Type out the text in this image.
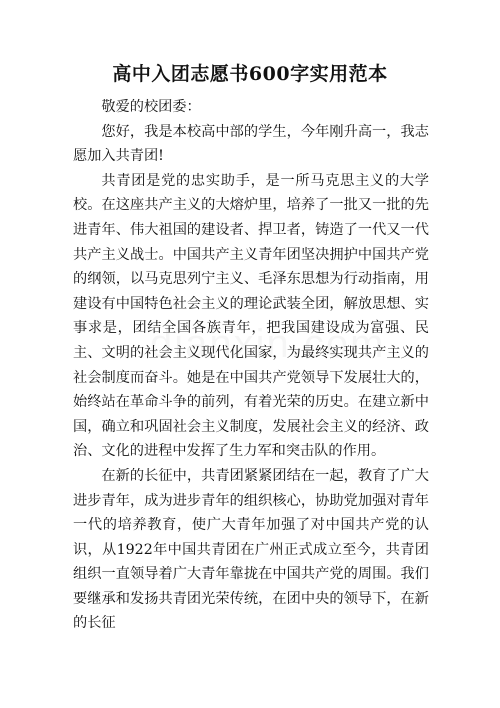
高中入团志愿书600字实用范本

敬爱的校团委：

您好，我是本校高中部的学生，今年刚升高一，我志愿加入共青团!

共青团是党的忠实助手，是一所马克思主义的大学校。在这座共产主义的大熔炉里，培养了一批又一批的先进青年、伟大祖国的建设者、捍卫者，铸造了一代又一代共产主义战士。中国共产主义青年团坚决拥护中国共产党的纲领，以马克思列宁主义、毛泽东思想为行动指南，用建设有中国特色社会主义的理论武装全团，解放思想、实事求是，团结全国各族青年，把我国建设成为富强、民主、文明的社会主义现代化国家，为最终实现共产主义的社会制度而奋斗。她是在中国共产党领导下发展壮大的，始终站在革命斗争的前列，有着光荣的历史。在建立新中国，确立和巩固社会主义制度，发展社会主义的经济、政治、文化的进程中发挥了生力军和突击队的作用。

在新的长征中，共青团紧紧团结在一起，教育了广大进步青年，成为进步青年的组织核心，协助党加强对青年一代的培养教育，使广大青年加强了对中国共产党的认识，从1922年中国共青团在广州正式成立至今，共青团组织一直领导着广大青年靠拢在中国共产党的周围。我们要继承和发扬共青团光荣传统，在团中央的领导下，在新的长征
